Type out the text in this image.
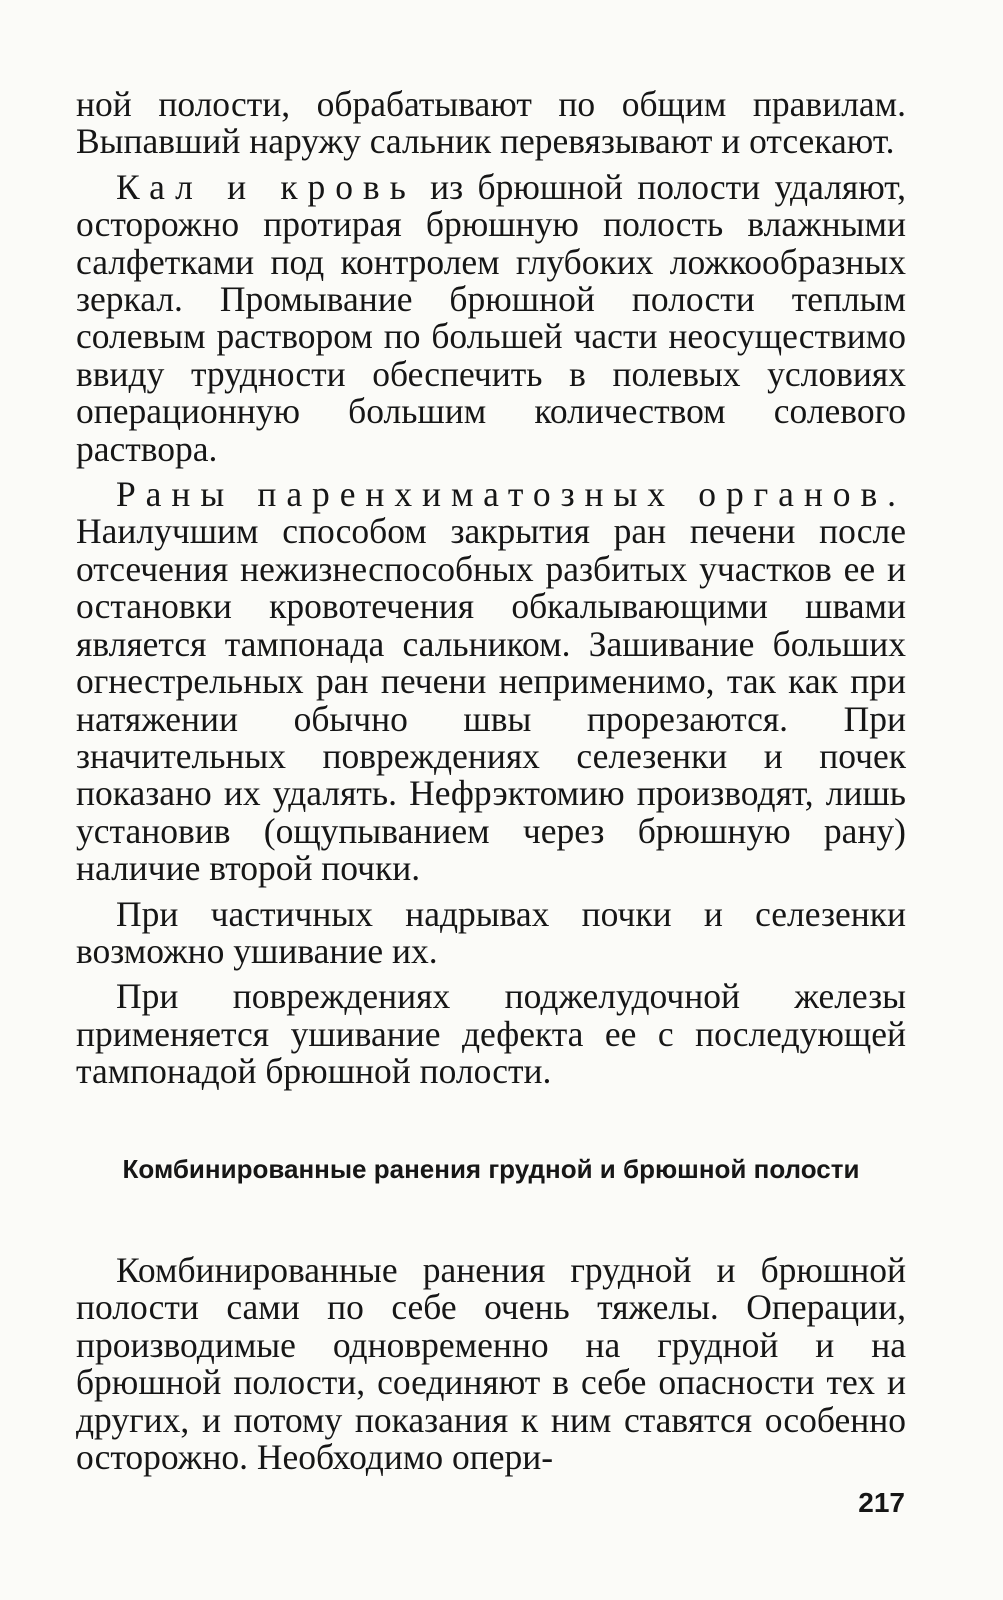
ной полости, обрабатывают по общим правилам. Выпавший наружу сальник перевязывают и отсекают.

Кал и кровь из брюшной полости удаляют, осторожно протирая брюшную полость влажными салфетками под контролем глубоких ложкообразных зеркал. Промывание брюшной полости теплым солевым раствором по большей части неосуществимо ввиду трудности обеспечить в полевых условиях операционную большим количеством солевого раствора.

Раны паренхиматозных органов. Наилучшим способом закрытия ран печени после отсечения нежизнеспособных разбитых участков ее и остановки кровотечения обкалывающими швами является тампонада сальником. Зашивание больших огнестрельных ран печени неприменимо, так как при натяжении обычно швы прорезаются. При значительных повреждениях селезенки и почек показано их удалять. Нефрэктомию производят, лишь установив (ощупыванием через брюшную рану) наличие второй почки.

При частичных надрывах почки и селезенки возможно ушивание их.

При повреждениях поджелудочной железы применяется ушивание дефекта ее с последующей тампонадой брюшной полости.

Комбинированные ранения грудной и брюшной полости

Комбинированные ранения грудной и брюшной полости сами по себе очень тяжелы. Операции, производимые одновременно на грудной и на брюшной полости, соединяют в себе опасности тех и других, и потому показания к ним ставятся особенно осторожно. Необходимо опери-

217
